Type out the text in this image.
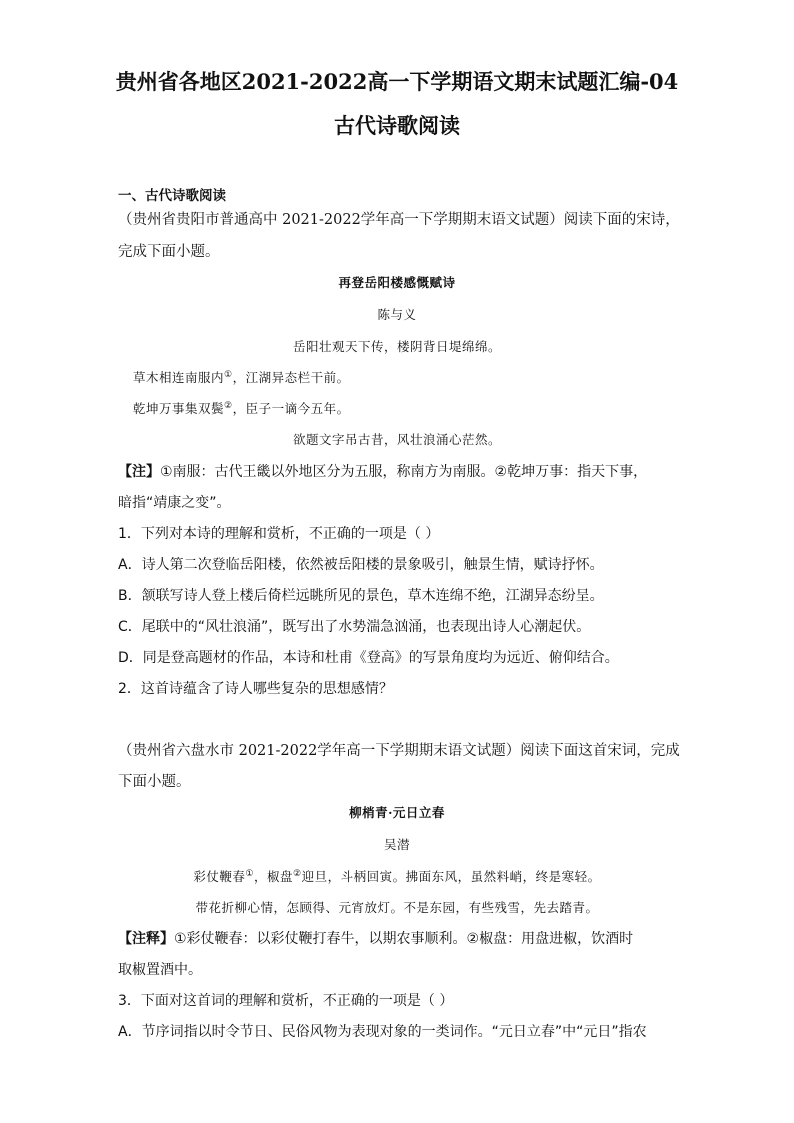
贵州省各地区2021-2022高一下学期语文期末试题汇编-04
古代诗歌阅读
一、古代诗歌阅读
（贵州省贵阳市普通高中 2021-2022学年高一下学期期末语文试题）阅读下面的宋诗，
完成下面小题。
再登岳阳楼感慨赋诗
陈与义
岳阳壮观天下传，楼阴背日堤绵绵。
草木相连南服内①，江湖异态栏干前。
乾坤万事集双鬓②，臣子一谪今五年。
欲题文字吊古昔，风壮浪涌心茫然。
【注】①南服：古代王畿以外地区分为五服，称南方为南服。②乾坤万事：指天下事，
暗指“靖康之变”。
1．下列对本诗的理解和赏析，不正确的一项是（ ）
A．诗人第二次登临岳阳楼，依然被岳阳楼的景象吸引，触景生情，赋诗抒怀。
B．颔联写诗人登上楼后倚栏远眺所见的景色，草木连绵不绝，江湖异态纷呈。
C．尾联中的“风壮浪涌”，既写出了水势湍急汹涌，也表现出诗人心潮起伏。
D．同是登高题材的作品，本诗和杜甫《登高》的写景角度均为远近、俯仰结合。
2．这首诗蕴含了诗人哪些复杂的思想感情？
（贵州省六盘水市 2021-2022学年高一下学期期末语文试题）阅读下面这首宋词，完成
下面小题。
柳梢青·元日立春
吴潜
彩仗鞭春①，椒盘②迎旦，斗柄回寅。拂面东风，虽然料峭，终是寒轻。
带花折柳心情，怎顾得、元宵放灯。不是东园，有些残雪，先去踏青。
【注释】①彩仗鞭春：以彩仗鞭打春牛，以期农事顺利。②椒盘：用盘进椒，饮酒时
取椒置酒中。
3．下面对这首词的理解和赏析，不正确的一项是（ ）
A．节序词指以时令节日、民俗风物为表现对象的一类词作。“元日立春”中“元日”指农
